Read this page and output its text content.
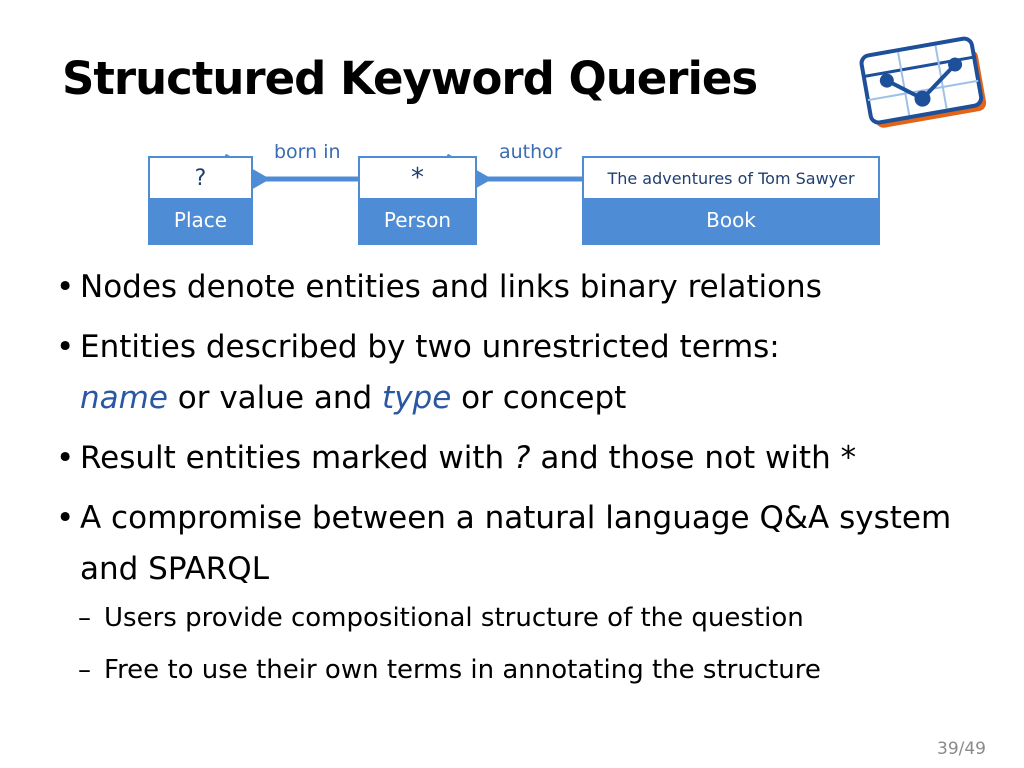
Structured Keyword Queries
born in	author
?
Place
*
Person
The adventures of Tom Sawyer
Book
• Nodes denote entities and links binary relations
• Entities described by two unrestricted terms:
name or value and type or concept
• Result entities marked with ? and those not with *
• A compromise between a natural language Q&A system and SPARQL
– Users provide compositional structure of the question
– Free to use their own terms in annotating the structure
39/49
